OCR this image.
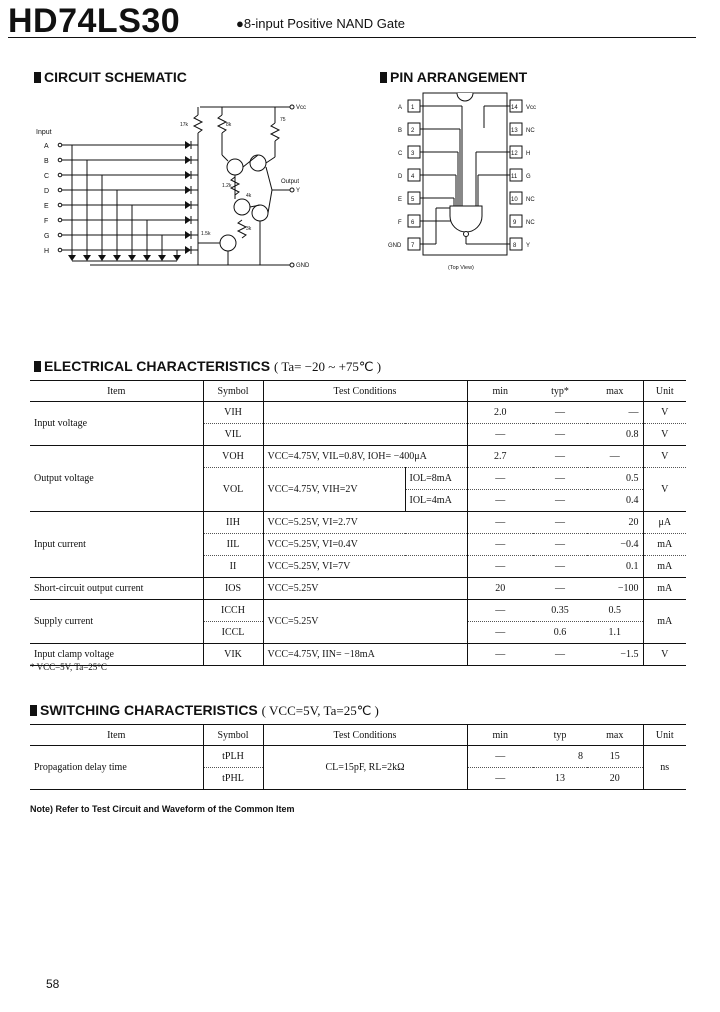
HD74LS30	●8-input Positive NAND Gate
CIRCUIT SCHEMATIC
Input
A
B
C
D
E
F
G
H
Vcc
GND
Output
Y
17k	8k
75
1.2k
4k
1.5k
3k
PIN ARRANGEMENT
1
2
3
4
5
6
7
A
B
C
D
E
F
GND
14
13
12
11
10
9
8
Vcc
NC
H
G
NC
NC
Y
(Top View)
ELECTRICAL CHARACTERISTICS ( Ta= −20 ~ +75℃ )
Item	Symbol	Test Conditions		min	typ*	max	Unit
Input voltage	VIH			2.0	—	—	V
	VIL			—	—	0.8	V
Output voltage	VOH	VCC=4.75V, VIL=0.8V, IOH= −400μA		2.7	—	—	V
	VOL	VCC=4.75V, VIH=2V	IOL=8mA	—	—	0.5	V
			IOL=4mA	—	—	0.4	
Input current	IIH	VCC=5.25V, VI=2.7V		—	—	20	μA
	IIL	VCC=5.25V, VI=0.4V		—	—	−0.4	mA
	II	VCC=5.25V, VI=7V		—	—	0.1	mA
Short-circuit output current	IOS	VCC=5.25V		20	—	−100	mA
Supply current	ICCH	VCC=5.25V		—	0.35	0.5	mA
	ICCL			—	0.6	1.1	
Input clamp voltage	VIK	VCC=4.75V, IIN= −18mA		—	—	−1.5	V
* VCC=5V, Ta=25°C
SWITCHING CHARACTERISTICS ( VCC=5V, Ta=25℃ )
Item	Symbol	Test Conditions	min	typ	max	Unit
Propagation delay time	tPLH	CL=15pF, RL=2kΩ	—	8	15	ns
	tPHL		—	13	20	
Note) Refer to Test Circuit and Waveform of the Common Item
58
